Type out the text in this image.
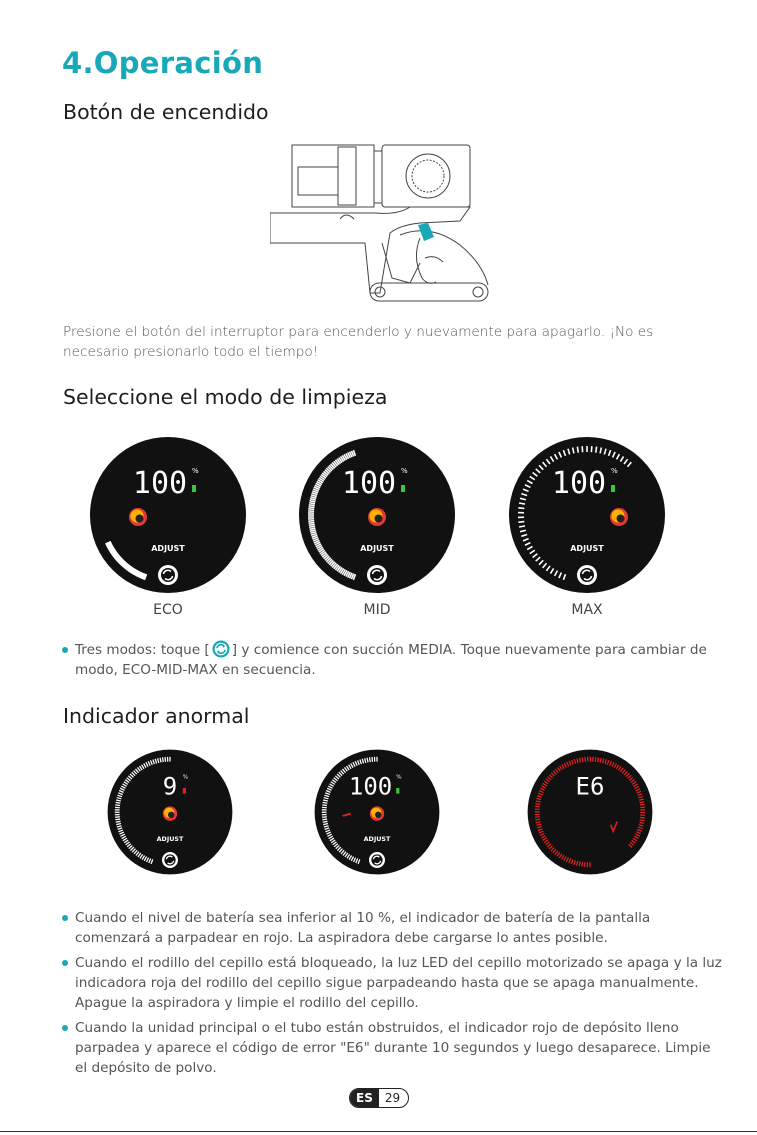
4.Operación
Botón de encendido
Presione el botón del interruptor para encenderlo y nuevamente para apagarlo. ¡No es necesario presionarlo todo el tiempo!
Seleccione el modo de limpieza
100 %
ADJUST
100 %
ADJUST
100 %
ADJUST
ECO	MID	MAX
Tres modos: toque [ ] y comience con succión MEDIA. Toque nuevamente para cambiar de modo, ECO-MID-MAX en secuencia.
Indicador anormal
9 %
ADJUST
100 %
ADJUST
E6
Cuando el nivel de batería sea inferior al 10 %, el indicador de batería de la pantalla comenzará a parpadear en rojo. La aspiradora debe cargarse lo antes posible.
Cuando el rodillo del cepillo está bloqueado, la luz LED del cepillo motorizado se apaga y la luz indicadora roja del rodillo del cepillo sigue parpadeando hasta que se apaga manualmente. Apague la aspiradora y limpie el rodillo del cepillo.
Cuando la unidad principal o el tubo están obstruidos, el indicador rojo de depósito lleno parpadea y aparece el código de error "E6" durante 10 segundos y luego desaparece. Limpie el depósito de polvo.
ES	29
